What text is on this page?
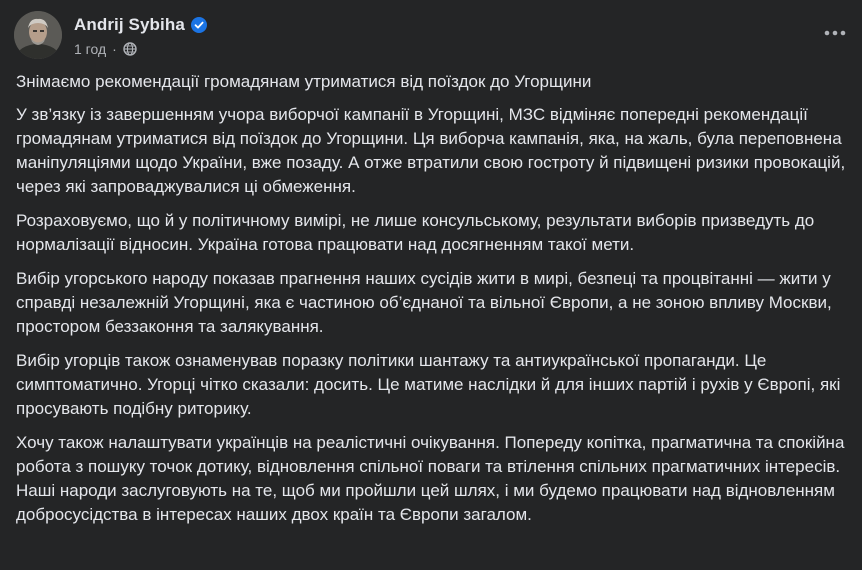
Andrij Sybiha
1 год ·

Знімаємо рекомендації громадянам утриматися від поїздок до Угорщини

У зв’язку із завершенням учора виборчої кампанії в Угорщині, МЗС відміняє попередні рекомендації громадянам утриматися від поїздок до Угорщини. Ця виборча кампанія, яка, на жаль, була переповнена маніпуляціями щодо України, вже позаду. А отже втратили свою гостроту й підвищені ризики провокацій, через які запроваджувалися ці обмеження.

Розраховуємо, що й у політичному вимірі, не лише консульському, результати виборів призведуть до нормалізації відносин. Україна готова працювати над досягненням такої мети.

Вибір угорського народу показав прагнення наших сусідів жити в мирі, безпеці та процвітанні — жити у справді незалежній Угорщині, яка є частиною об’єднаної та вільної Європи, а не зоною впливу Москви, простором беззаконня та залякування.

Вибір угорців також ознаменував поразку політики шантажу та антиукраїнської пропаганди. Це симптоматично. Угорці чітко сказали: досить. Це матиме наслідки й для інших партій і рухів у Європі, які просувають подібну риторику.

Хочу також налаштувати українців на реалістичні очікування. Попереду копітка, прагматична та спокійна робота з пошуку точок дотику, відновлення спільної поваги та втілення спільних прагматичних інтересів. Наші народи заслуговують на те, щоб ми пройшли цей шлях, і ми будемо працювати над відновленням добросусідства в інтересах наших двох країн та Європи загалом.
